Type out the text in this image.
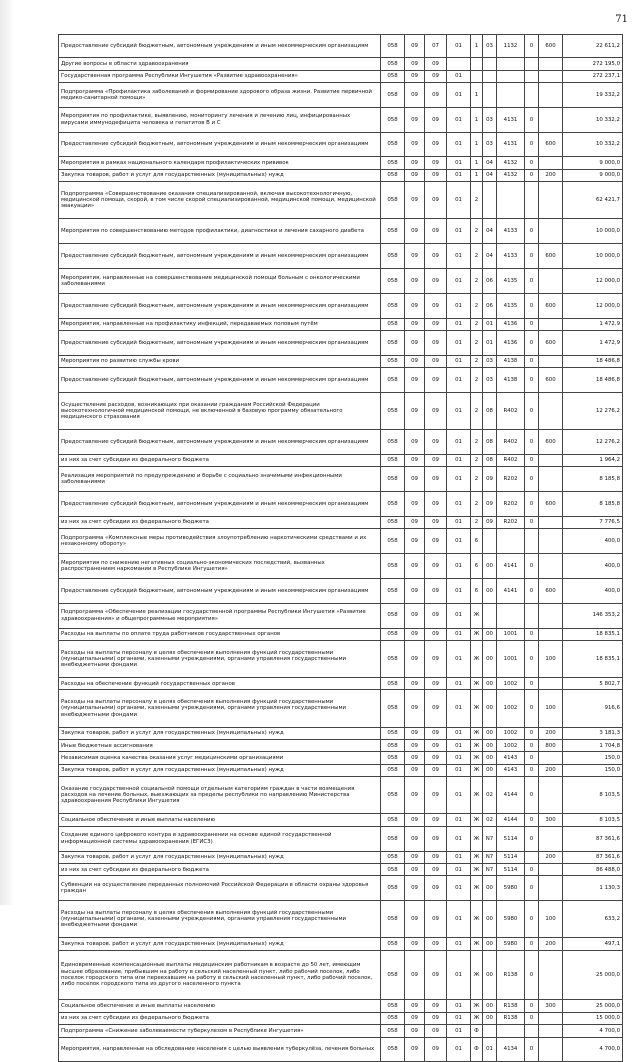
71
Предоставление субсидий бюджетным, автономным учреждениям и иным некоммерческим организациям	058	09	07	01	1	03	1132	0	600	22 611,2
Другие вопросы в области здравоохранения	058	09	09							272 195,0
Государственная программа Республики Ингушетия «Развитие здравоохранения»	058	09	09	01						272 237,1
Подпрограмма «Профилактика заболеваний и формирование здорового образа жизни. Развитие первичной медико-санитарной помощи»	058	09	09	01	1					19 332,2
Мероприятия по профилактике, выявлению, мониторингу лечения и лечению лиц, инфицированных вирусами иммунодефицита человека и гепатитов В и С	058	09	09	01	1	03	4131	0		10 332,2
Предоставление субсидий бюджетным, автономным учреждениям и иным некоммерческим организациям	058	09	09	01	1	03	4131	0	600	10 332,2
Мероприятия в рамках национального календаря профилактических прививок	058	09	09	01	1	04	4132	0		9 000,0
Закупка товаров, работ и услуг для государственных (муниципальных) нужд	058	09	09	01	1	04	4132	0	200	9 000,0
Подпрограмма «Совершенствование оказания специализированной, включая высокотехнологичную, медицинской помощи, скорой, в том числе скорой специализированной, медицинской помощи, медицинской эвакуации»	058	09	09	01	2					62 421,7
Мероприятия по совершенствованию методов профилактики, диагностики и лечения сахарного диабета	058	09	09	01	2	04	4133	0		10 000,0
Предоставление субсидий бюджетным, автономным учреждениям и иным некоммерческим организациям	058	09	09	01	2	04	4133	0	600	10 000,0
Мероприятия, направленные на совершенствование медицинской помощи больным с онкологическими заболеваниями	058	09	09	01	2	06	4135	0		12 000,0
Предоставление субсидий бюджетным, автономным учреждениям и иным некоммерческим организациям	058	09	09	01	2	06	4135	0	600	12 000,0
Мероприятия, направленные на профилактику инфекций, передаваемых половым путём	058	09	09	01	2	01	4136	0		1 472,9
Предоставление субсидий бюджетным, автономным учреждениям и иным некоммерческим организациям	058	09	09	01	2	01	4136	0	600	1 472,9
Мероприятия по развитию службы крови	058	09	09	01	2	03	4138	0		18 486,8
Предоставление субсидий бюджетным, автономным учреждениям и иным некоммерческим организациям	058	09	09	01	2	03	4138	0	600	18 486,8
Осуществление расходов, возникающих при оказании гражданам Российской Федерации высокотехнологичной медицинской помощи, не включенной в базовую программу обязательного медицинского страхования	058	09	09	01	2	08	R402	0		12 276,2
Предоставление субсидий бюджетным, автономным учреждениям и иным некоммерческим организациям	058	09	09	01	2	08	R402	0	600	12 276,2
из них за счет субсидии из федерального бюджета	058	09	09	01	2	08	R402	0		1 964,2
Реализация мероприятий по предупреждению и борьбе с социально значимыми инфекционными заболеваниями	058	09	09	01	2	09	R202	0		8 185,8
Предоставление субсидий бюджетным, автономным учреждениям и иным некоммерческим организациям	058	09	09	01	2	09	R202	0	600	8 185,8
из них за счет субсидии из федерального бюджета	058	09	09	01	2	09	R202	0		7 776,5
Подпрограмма «Комплексные меры противодействия злоупотреблению наркотическими средствами и их незаконному обороту»	058	09	09	01	6					400,0
Мероприятия по снижению негативных социально-экономических последствий, вызванных распространением наркомании в Республике Ингушетия»	058	09	09	01	6	00	4141	0		400,0
Предоставление субсидий бюджетным, автономным учреждениям и иным некоммерческим организациям	058	09	09	01	6	00	4141	0	600	400,0
Подпрограмма «Обеспечение реализации государственной программы Республики Ингушетия «Развитие здравоохранения» и общепрограммные мероприятия»	058	09	09	01	Ж					146 353,2
Расходы на выплаты по оплате труда работников государственных органов	058	09	09	01	Ж	00	1001	0		18 835,1
Расходы на выплаты персоналу в целях обеспечения выполнения функций государственными (муниципальными) органами, казенными учреждениями, органами управления государственными внебюджетными фондами	058	09	09	01	Ж	00	1001	0	100	18 835,1
Расходы на обеспечение функций государственных органов	058	09	09	01	Ж	00	1002	0		5 802,7
Расходы на выплаты персоналу в целях обеспечения выполнения функций государственными (муниципальными) органами, казенными учреждениями, органами управления государственными внебюджетными фондами	058	09	09	01	Ж	00	1002	0	100	916,6
Закупка товаров, работ и услуг для государственных (муниципальных) нужд	058	09	09	01	Ж	00	1002	0	200	3 181,3
Иные бюджетные ассигнования	058	09	09	01	Ж	00	1002	0	800	1 704,8
Независимая оценка качества оказания услуг медицинскими организациями	058	09	09	01	Ж	00	4143	0		150,0
Закупка товаров, работ и услуг для государственных (муниципальных) нужд	058	09	09	01	Ж	00	4143	0	200	150,0
Оказание государственной социальной помощи отдельным категориям граждан в части возмещения расходов на лечение больных, выезжающих за пределы республики по направлению Министерства здравоохранения Республики Ингушетия	058	09	09	01	Ж	02	4144	0		8 103,5
Социальное обеспечение и иные выплаты населению	058	09	09	01	Ж	02	4144	0	300	8 103,5
Создание единого цифрового контура в здравоохранении на основе единой государственной информационной системы здравоохранения (ЕГИСЗ)	058	09	09	01	Ж	N7	5114	0		87 361,6
Закупка товаров, работ и услуг для государственных (муниципальных) нужд	058	09	09	01	Ж	N7	5114		200	87 361,6
из них за счет субсидии из федерального бюджета	058	09	09	01	Ж	N7	5114	0		86 488,0
Субвенции на осуществление переданных полномочий Российской Федерации в области охраны здоровья граждан	058	09	09	01	Ж	00	5980	0		1 130,3
Расходы на выплаты персоналу в целях обеспечения выполнения функций государственными (муниципальными) органами, казенными учреждениями, органами управления государственными внебюджетными фондами	058	09	09	01	Ж	00	5980	0	100	633,2
Закупка товаров, работ и услуг для государственных (муниципальных) нужд	058	09	09	01	Ж	00	5980	0	200	497,1
Единовременные компенсационные выплаты медицинским работникам в возрасте до 50 лет, имеющим высшее образование, прибывшим на работу в сельский населенный пункт, либо рабочий поселок, либо поселок городского типа или переехавшим на работу в сельский населенный пункт, либо рабочий поселок, либо поселок городского типа из другого населенного пункта	058	09	09	01	Ж	00	R138	0		25 000,0
Социальное обеспечение и иные выплаты населению	058	09	09	01	Ж	00	R138	0	300	25 000,0
из них за счет субсидии из федерального бюджета	058	09	09	01	Ж	00	R138	0		15 000,0
Подпрограмма «Снижение заболеваемости туберкулезом в Республике Ингушетия»	058	09	09	01	Ф					4 700,0
Мероприятия, направленные на обследование населения с целью выявления туберкулёза, лечения больных	058	09	09	01	Ф	01	4134	0		4 700,0
